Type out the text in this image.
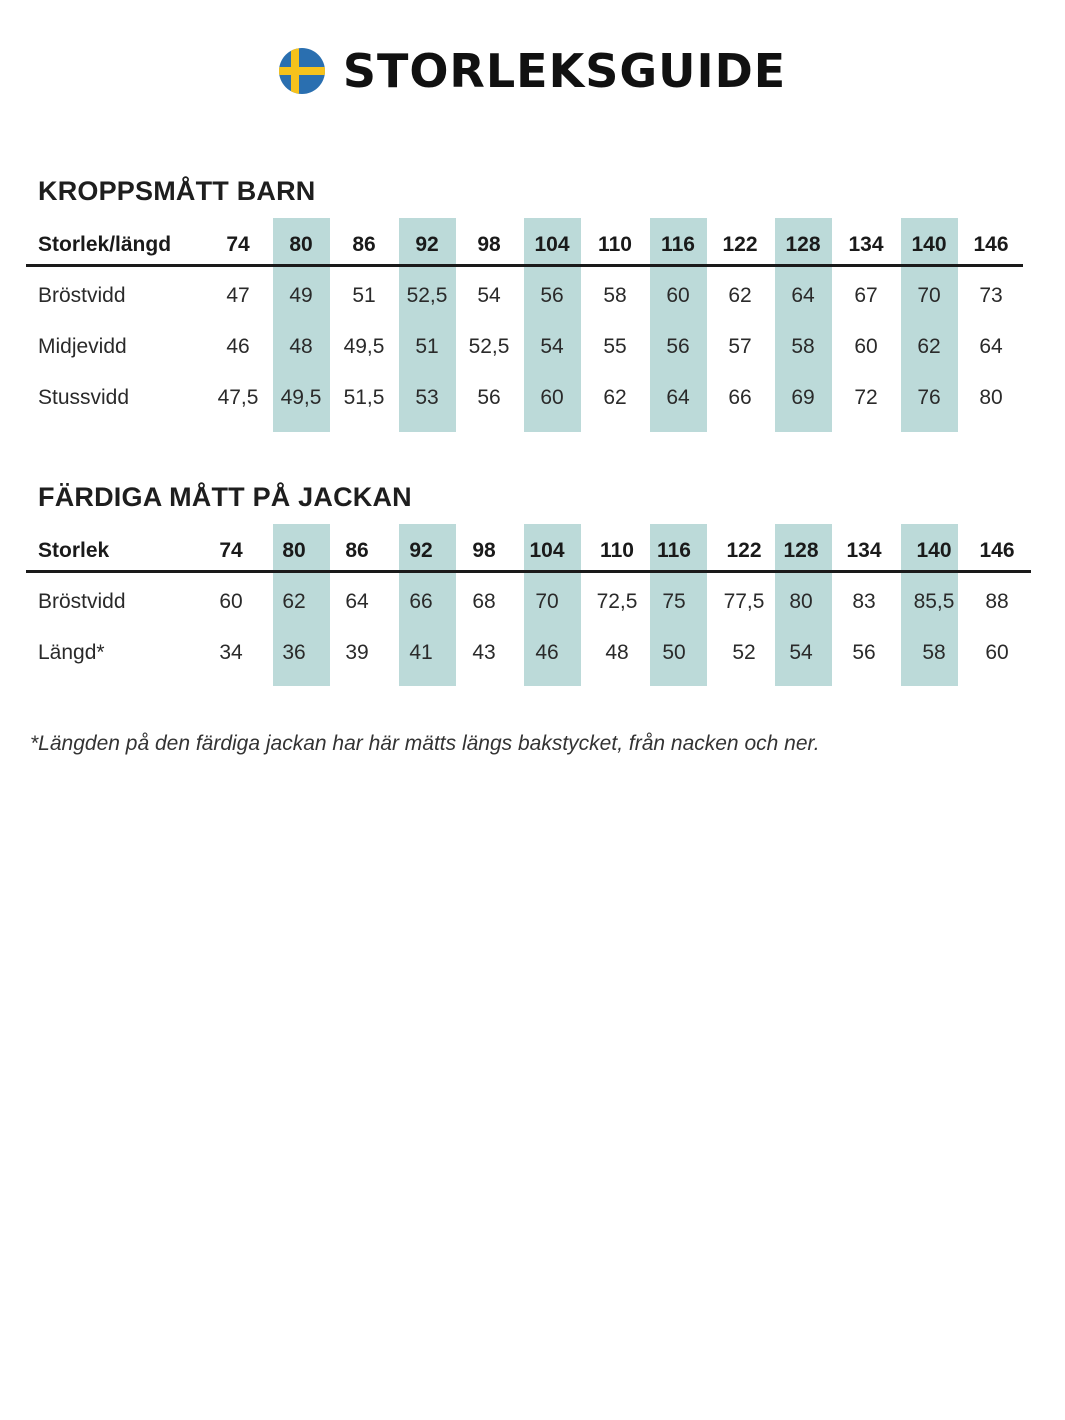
STORLEKSGUIDE
KROPPSMÅTT BARN
Storlek/längd	74	80	86	92	98	104	110	116	122	128	134	140	146
Bröstvidd	47	49	51	52,5	54	56	58	60	62	64	67	70	73
Midjevidd	46	48	49,5	51	52,5	54	55	56	57	58	60	62	64
Stussvidd	47,5	49,5	51,5	53	56	60	62	64	66	69	72	76	80
FÄRDIGA MÅTT PÅ JACKAN
Storlek	74	80	86	92	98	104	110	116	122	128	134	140	146
Bröstvidd	60	62	64	66	68	70	72,5	75	77,5	80	83	85,5	88
Längd*	34	36	39	41	43	46	48	50	52	54	56	58	60
*Längden på den färdiga jackan har här mätts längs bakstycket, från nacken och ner.
